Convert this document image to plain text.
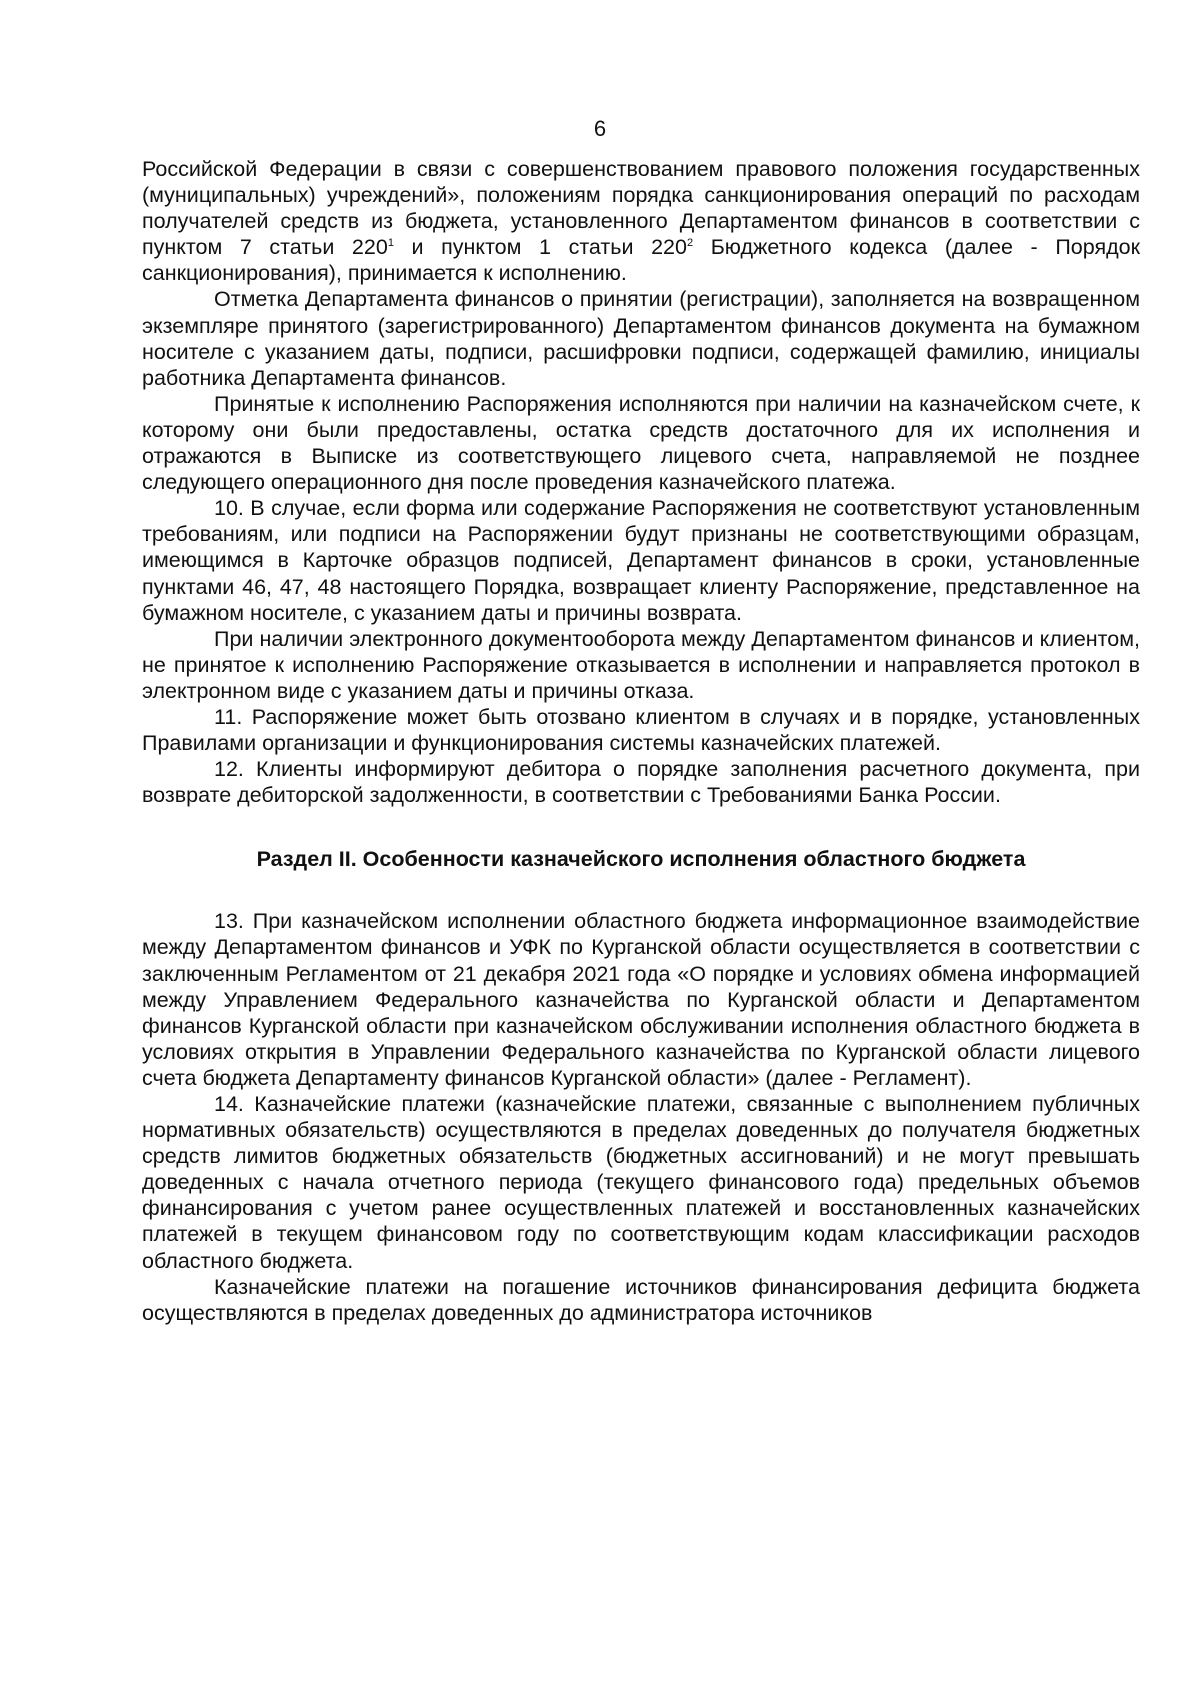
6

Российской Федерации в связи с совершенствованием правового положения государственных (муниципальных) учреждений», положениям порядка санкционирования операций по расходам получателей средств из бюджета, установленного Департаментом финансов в соответствии с пунктом 7 статьи $220^1$ и пунктом 1 статьи $220^2$ Бюджетного кодекса (далее - Порядок санкционирования), принимается к исполнению.

Отметка Департамента финансов о принятии (регистрации), заполняется на возвращенном экземпляре принятого (зарегистрированного) Департаментом финансов документа на бумажном носителе с указанием даты, подписи, расшифровки подписи, содержащей фамилию, инициалы работника Департамента финансов.

Принятые к исполнению Распоряжения исполняются при наличии на казначейском счете, к которому они были предоставлены, остатка средств достаточного для их исполнения и отражаются в Выписке из соответствующего лицевого счета, направляемой не позднее следующего операционного дня после проведения казначейского платежа.

10. В случае, если форма или содержание Распоряжения не соответствуют установленным требованиям, или подписи на Распоряжении будут признаны не соответствующими образцам, имеющимся в Карточке образцов подписей, Департамент финансов в сроки, установленные пунктами 46, 47, 48 настоящего Порядка, возвращает клиенту Распоряжение, представленное на бумажном носителе, с указанием даты и причины возврата.

При наличии электронного документооборота между Департаментом финансов и клиентом, не принятое к исполнению Распоряжение отказывается в исполнении и направляется протокол в электронном виде с указанием даты и причины отказа.

11. Распоряжение может быть отозвано клиентом в случаях и в порядке, установленных Правилами организации и функционирования системы казначейских платежей.

12. Клиенты информируют дебитора о порядке заполнения расчетного документа, при возврате дебиторской задолженности, в соответствии с Требованиями Банка России.

Раздел II. Особенности казначейского исполнения областного бюджета

13. При казначейском исполнении областного бюджета информационное взаимодействие между Департаментом финансов и УФК по Курганской области осуществляется в соответствии с заключенным Регламентом от 21 декабря 2021 года «О порядке и условиях обмена информацией между Управлением Федерального казначейства по Курганской области и Департаментом финансов Курганской области при казначейском обслуживании исполнения областного бюджета в условиях открытия в Управлении Федерального казначейства по Курганской области лицевого счета бюджета Департаменту финансов Курганской области» (далее - Регламент).

14. Казначейские платежи (казначейские платежи, связанные с выполнением публичных нормативных обязательств) осуществляются в пределах доведенных до получателя бюджетных средств лимитов бюджетных обязательств (бюджетных ассигнований) и не могут превышать доведенных с начала отчетного периода (текущего финансового года) предельных объемов финансирования с учетом ранее осуществленных платежей и восстановленных казначейских платежей в текущем финансовом году по соответствующим кодам классификации расходов областного бюджета.

Казначейские платежи на погашение источников финансирования дефицита бюджета осуществляются в пределах доведенных до администратора источников
